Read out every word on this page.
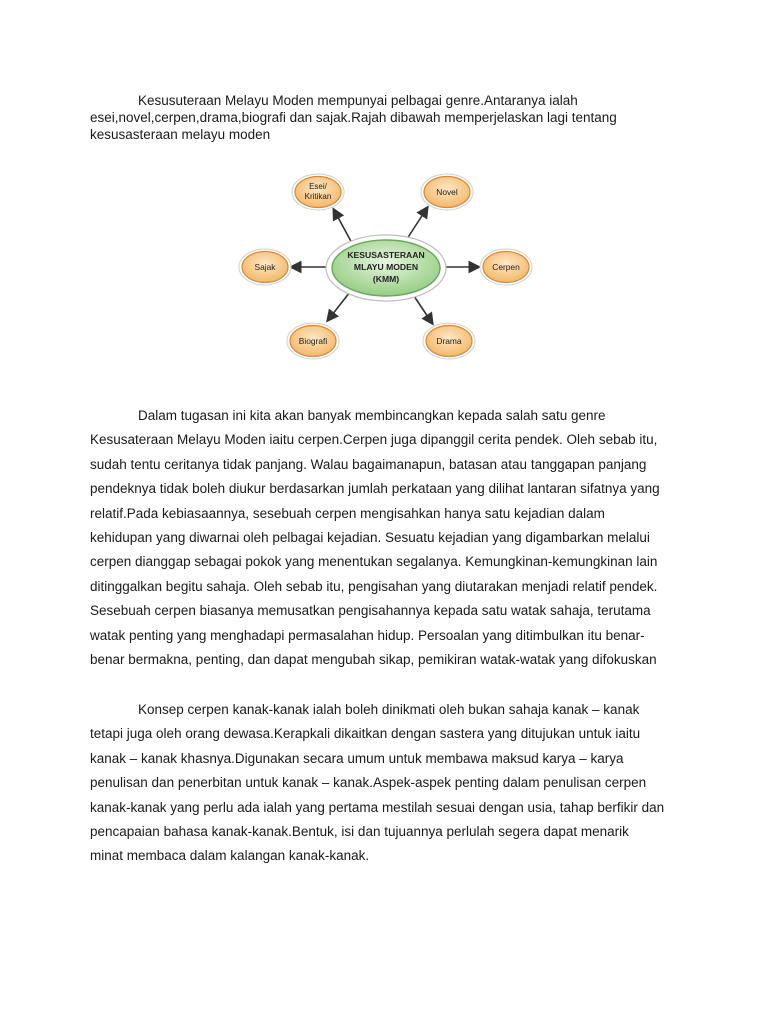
Kesusuteraan Melayu Moden mempunyai pelbagai genre.Antaranya ialah
esei,novel,cerpen,drama,biografi dan sajak.Rajah dibawah memperjelaskan lagi tentang
kesusasteraan melayu moden
KESUSASTERAAN
MLAYU MODEN
(KMM)
Esei/
Kritikan	Novel
Sajak	Cerpen
Biografi	Drama
Dalam tugasan ini kita akan banyak membincangkan kepada salah satu genre
Kesusateraan Melayu Moden iaitu cerpen.Cerpen juga dipanggil cerita pendek. Oleh sebab itu,
sudah tentu ceritanya tidak panjang. Walau bagaimanapun, batasan atau tanggapan panjang
pendeknya tidak boleh diukur berdasarkan jumlah perkataan yang dilihat lantaran sifatnya yang
relatif.Pada kebiasaannya, sesebuah cerpen mengisahkan hanya satu kejadian dalam
kehidupan yang diwarnai oleh pelbagai kejadian. Sesuatu kejadian yang digambarkan melalui
cerpen dianggap sebagai pokok yang menentukan segalanya. Kemungkinan-kemungkinan lain
ditinggalkan begitu sahaja. Oleh sebab itu, pengisahan yang diutarakan menjadi relatif pendek.
Sesebuah cerpen biasanya memusatkan pengisahannya kepada satu watak sahaja, terutama
watak penting yang menghadapi permasalahan hidup. Persoalan yang ditimbulkan itu benar-
benar bermakna, penting, dan dapat mengubah sikap, pemikiran watak-watak yang difokuskan
Konsep cerpen kanak-kanak ialah boleh dinikmati oleh bukan sahaja kanak – kanak
tetapi juga oleh orang dewasa.Kerapkali dikaitkan dengan sastera yang ditujukan untuk iaitu
kanak – kanak khasnya.Digunakan secara umum untuk membawa maksud karya – karya
penulisan dan penerbitan untuk kanak – kanak.Aspek-aspek penting dalam penulisan cerpen
kanak-kanak yang perlu ada ialah yang pertama mestilah sesuai dengan usia, tahap berfikir dan
pencapaian bahasa kanak-kanak.Bentuk, isi dan tujuannya perlulah segera dapat menarik
minat membaca dalam kalangan kanak-kanak.
